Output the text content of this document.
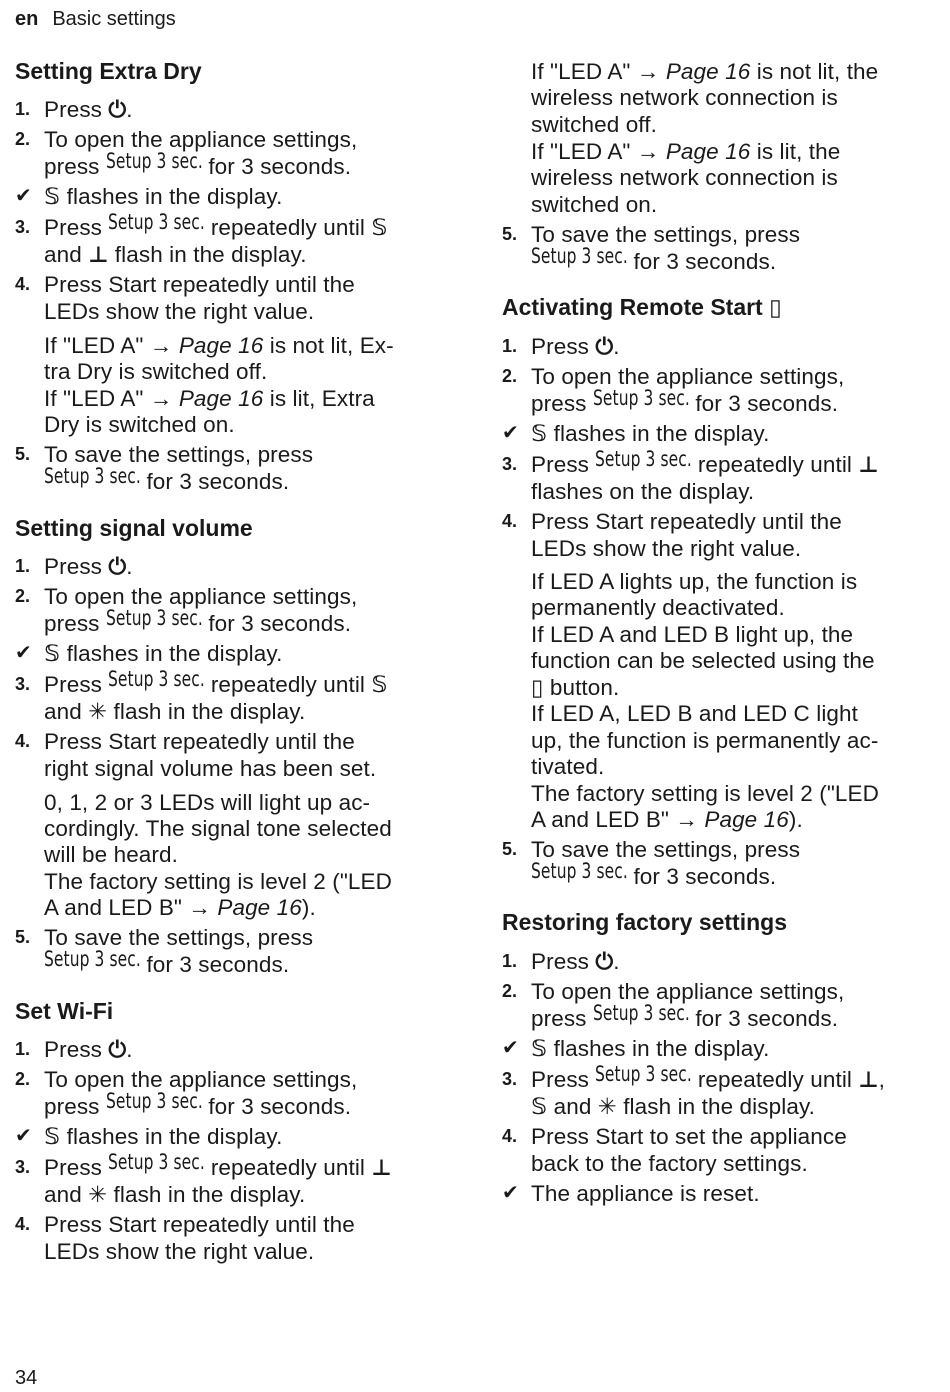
en Basic settings
Setting Extra Dry
1. Press ⏻.
2. To open the appliance settings,
press Setup 3 sec. for 3 seconds.
✔ 𝕊 flashes in the display.
3. Press Setup 3 sec. repeatedly until 𝕊
and ⊥ flash in the display.
4. Press Start repeatedly until the
LEDs show the right value.
If "LED A" → Page 16 is not lit, Ex-
tra Dry is switched off.
If "LED A" → Page 16 is lit, Extra
Dry is switched on.
5. To save the settings, press
Setup 3 sec. for 3 seconds.
Setting signal volume
1. Press ⏻.
2. To open the appliance settings,
press Setup 3 sec. for 3 seconds.
✔ 𝕊 flashes in the display.
3. Press Setup 3 sec. repeatedly until 𝕊
and ✳ flash in the display.
4. Press Start repeatedly until the
right signal volume has been set.
0, 1, 2 or 3 LEDs will light up ac-
cordingly. The signal tone selected
will be heard.
The factory setting is level 2 ("LED
A and LED B" → Page 16).
5. To save the settings, press
Setup 3 sec. for 3 seconds.
Set Wi-Fi
1. Press ⏻.
2. To open the appliance settings,
press Setup 3 sec. for 3 seconds.
✔ 𝕊 flashes in the display.
3. Press Setup 3 sec. repeatedly until ⊥
and ✳ flash in the display.
4. Press Start repeatedly until the
LEDs show the right value.
If "LED A" → Page 16 is not lit, the
wireless network connection is
switched off.
If "LED A" → Page 16 is lit, the
wireless network connection is
switched on.
5. To save the settings, press
Setup 3 sec. for 3 seconds.
Activating Remote Start ▯
1. Press ⏻.
2. To open the appliance settings,
press Setup 3 sec. for 3 seconds.
✔ 𝕊 flashes in the display.
3. Press Setup 3 sec. repeatedly until ⊥
flashes on the display.
4. Press Start repeatedly until the
LEDs show the right value.
If LED A lights up, the function is
permanently deactivated.
If LED A and LED B light up, the
function can be selected using the
▯ button.
If LED A, LED B and LED C light
up, the function is permanently ac-
tivated.
The factory setting is level 2 ("LED
A and LED B" → Page 16).
5. To save the settings, press
Setup 3 sec. for 3 seconds.
Restoring factory settings
1. Press ⏻.
2. To open the appliance settings,
press Setup 3 sec. for 3 seconds.
✔ 𝕊 flashes in the display.
3. Press Setup 3 sec. repeatedly until ⊥,
𝕊 and ✳ flash in the display.
4. Press Start to set the appliance
back to the factory settings.
✔ The appliance is reset.
34
